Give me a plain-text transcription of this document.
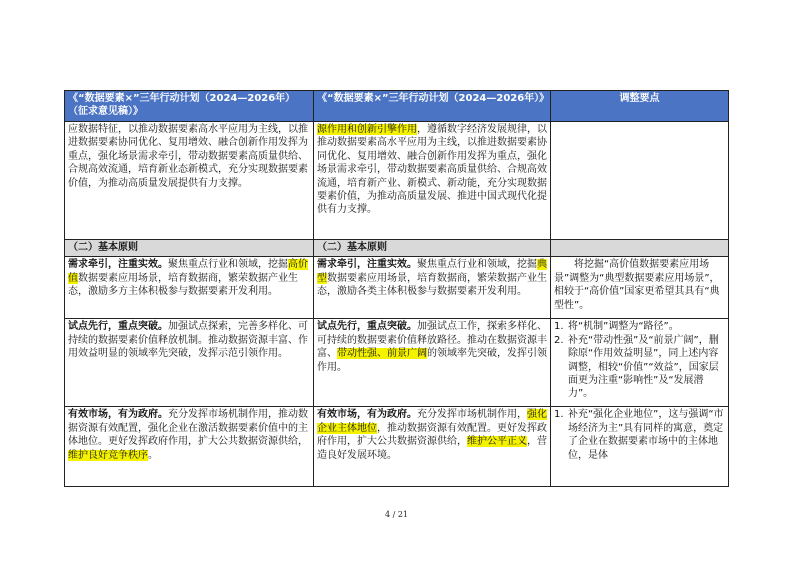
《“数据要素×”三年行动计划（2024—2026年）（征求意见稿）》	《“数据要素×”三年行动计划（2024—2026年）》	调整要点
应数据特征，以推动数据要素高水平应用为主线，以推进数据要素协同优化、复用增效、融合创新作用发挥为重点，强化场景需求牵引，带动数据要素高质量供给、合规高效流通，培育新业态新模式，充分实现数据要素价值，为推动高质量发展提供有力支撑。	源作用和创新引擎作用，遵循数字经济发展规律，以推动数据要素高水平应用为主线，以推进数据要素协同优化、复用增效、融合创新作用发挥为重点，强化场景需求牵引，带动数据要素高质量供给、合规高效流通，培育新产业、新模式、新动能，充分实现数据要素价值，为推动高质量发展、推进中国式现代化提供有力支撑。	
（二）基本原则	（二）基本原则	
需求牵引，注重实效。聚焦重点行业和领域，挖掘高价值数据要素应用场景，培育数据商，繁荣数据产业生态，激励多方主体积极参与数据要素开发利用。	需求牵引，注重实效。聚焦重点行业和领域，挖掘典型数据要素应用场景，培育数据商，繁荣数据产业生态，激励各类主体积极参与数据要素开发利用。	将挖掘“高价值数据要素应用场景”调整为“典型数据要素应用场景”，相较于“高价值”国家更希望其具有“典型性”。

试点先行，重点突破。加强试点探索，完善多样化、可持续的数据要素价值释放机制。推动数据资源丰富、作用效益明显的领域率先突破，发挥示范引领作用。	试点先行，重点突破。加强试点工作，探索多样化、可持续的数据要素价值释放路径。推动在数据资源丰富、带动性强、前景广阔的领域率先突破，发挥引领作用。	1. 将“机制”调整为“路径”。
2. 补充“带动性强”及“前景广阔”，删除原“作用效益明显”，同上述内容调整，相较“价值”“效益”，国家层面更为注重“影响性”及“发展潜力”。

有效市场，有为政府。充分发挥市场机制作用，推动数据资源有效配置，强化企业在激活数据要素价值中的主体地位。更好发挥政府作用，扩大公共数据资源供给，维护良好竞争秩序。	有效市场，有为政府。充分发挥市场机制作用，强化企业主体地位，推动数据资源有效配置。更好发挥政府作用，扩大公共数据资源供给，维护公平正义，营造良好发展环境。	1. 补充“强化企业地位”，这与强调“市场经济为主”具有同样的寓意，奠定了企业在数据要素市场中的主体地位，是体
4 / 21
